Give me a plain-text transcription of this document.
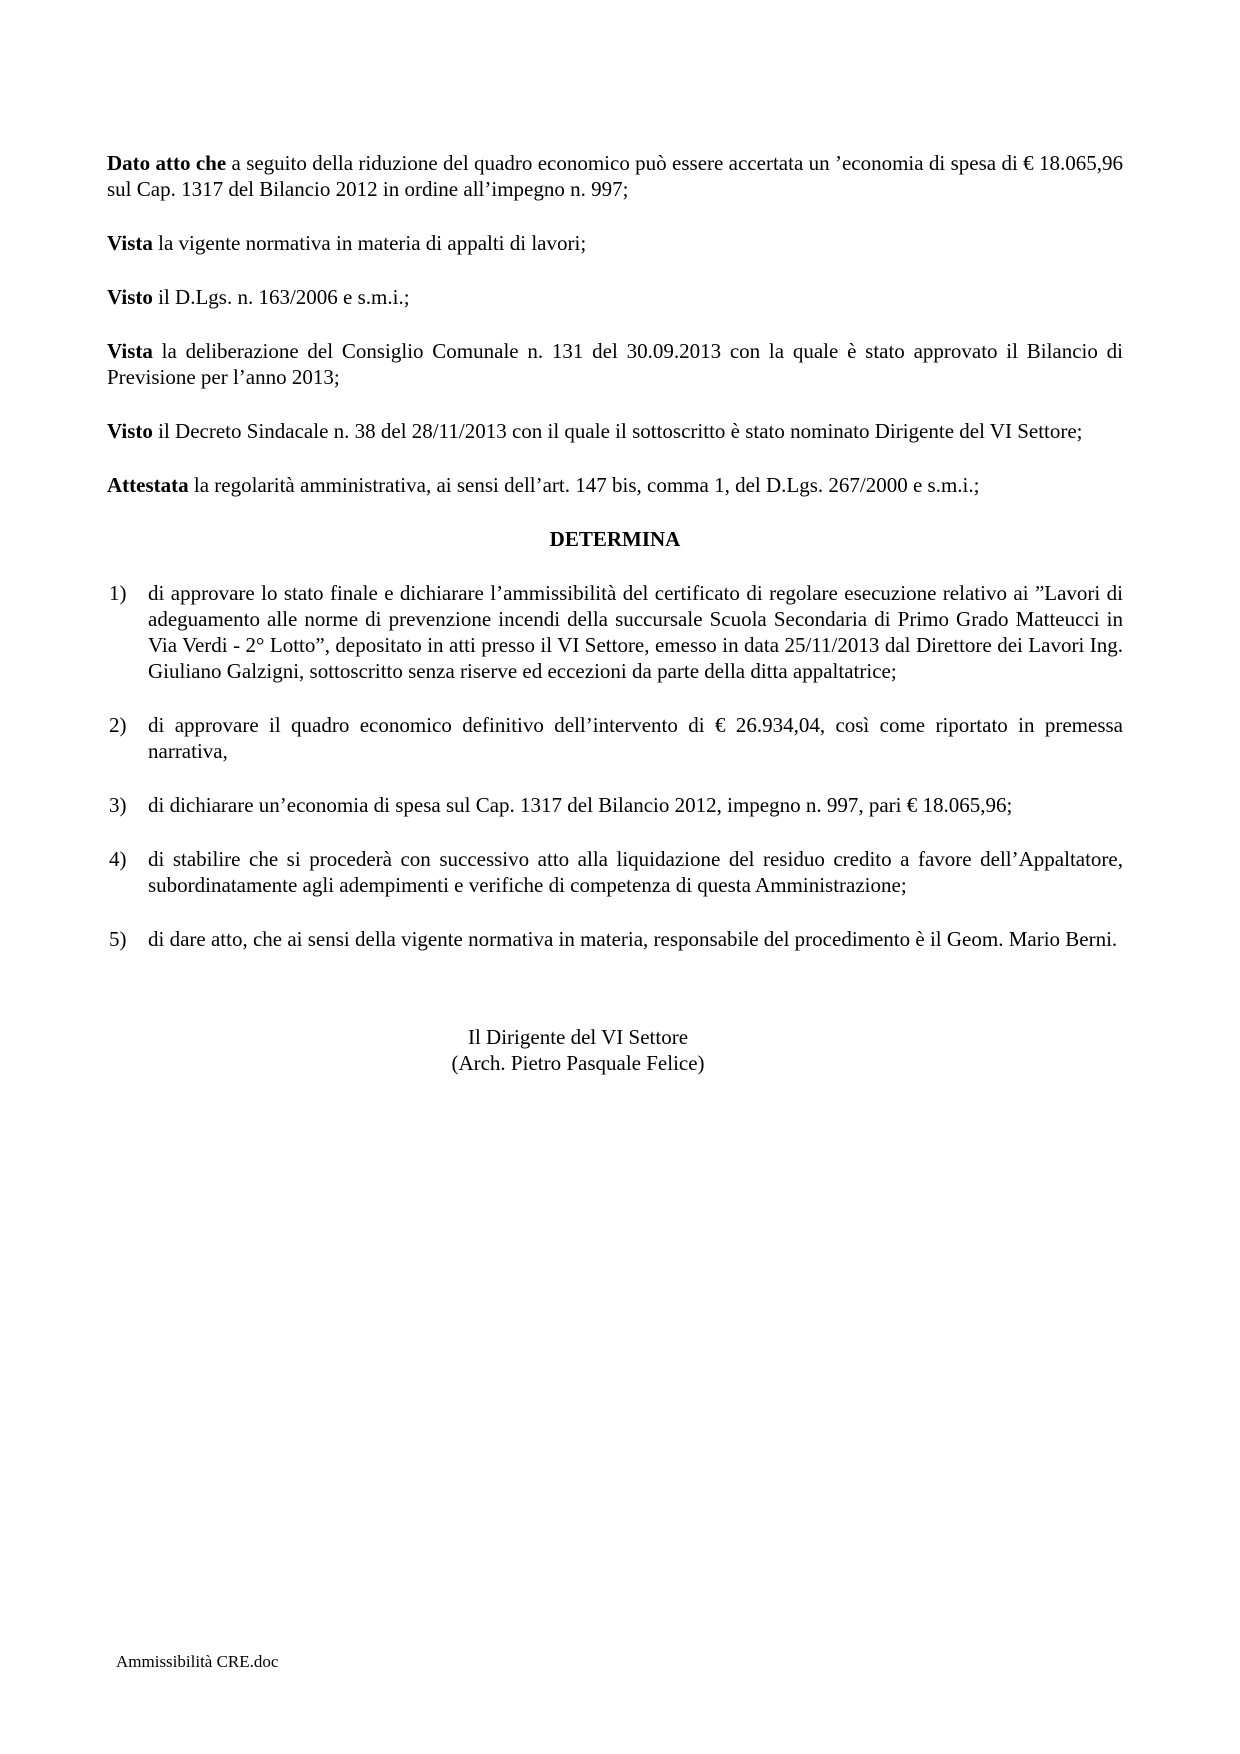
Dato atto che a seguito della riduzione del quadro economico può essere accertata un ’economia di spesa di € 18.065,96 sul Cap. 1317 del Bilancio 2012 in ordine all’impegno n. 997;

Vista la vigente normativa in materia di appalti di lavori;

Visto il D.Lgs. n. 163/2006 e s.m.i.;

Vista la deliberazione del Consiglio Comunale n. 131 del 30.09.2013 con la quale è stato approvato il Bilancio di Previsione per l’anno 2013;

Visto il Decreto Sindacale n. 38 del 28/11/2013 con il quale il sottoscritto è stato nominato Dirigente del VI Settore;

Attestata la regolarità amministrativa, ai sensi dell’art. 147 bis, comma 1, del D.Lgs. 267/2000 e s.m.i.;

DETERMINA
1) di approvare lo stato finale e dichiarare l’ammissibilità del certificato di regolare esecuzione relativo ai ”Lavori di adeguamento alle norme di prevenzione incendi della succursale Scuola Secondaria di Primo Grado Matteucci in Via Verdi - 2° Lotto”, depositato in atti presso il VI Settore, emesso in data 25/11/2013 dal Direttore dei Lavori Ing. Giuliano Galzigni, sottoscritto senza riserve ed eccezioni da parte della ditta appaltatrice;
2) di approvare il quadro economico definitivo dell’intervento di € 26.934,04, così come riportato in premessa narrativa,
3) di dichiarare un’economia di spesa sul Cap. 1317 del Bilancio 2012, impegno n. 997, pari € 18.065,96;
4) di stabilire che si procederà con successivo atto alla liquidazione del residuo credito a favore dell’Appaltatore, subordinatamente agli adempimenti e verifiche di competenza di questa Amministrazione;
5) di dare atto, che ai sensi della vigente normativa in materia, responsabile del procedimento è il Geom. Mario Berni.
Il Dirigente del VI Settore
(Arch. Pietro Pasquale Felice)
Ammissibilità CRE.doc
